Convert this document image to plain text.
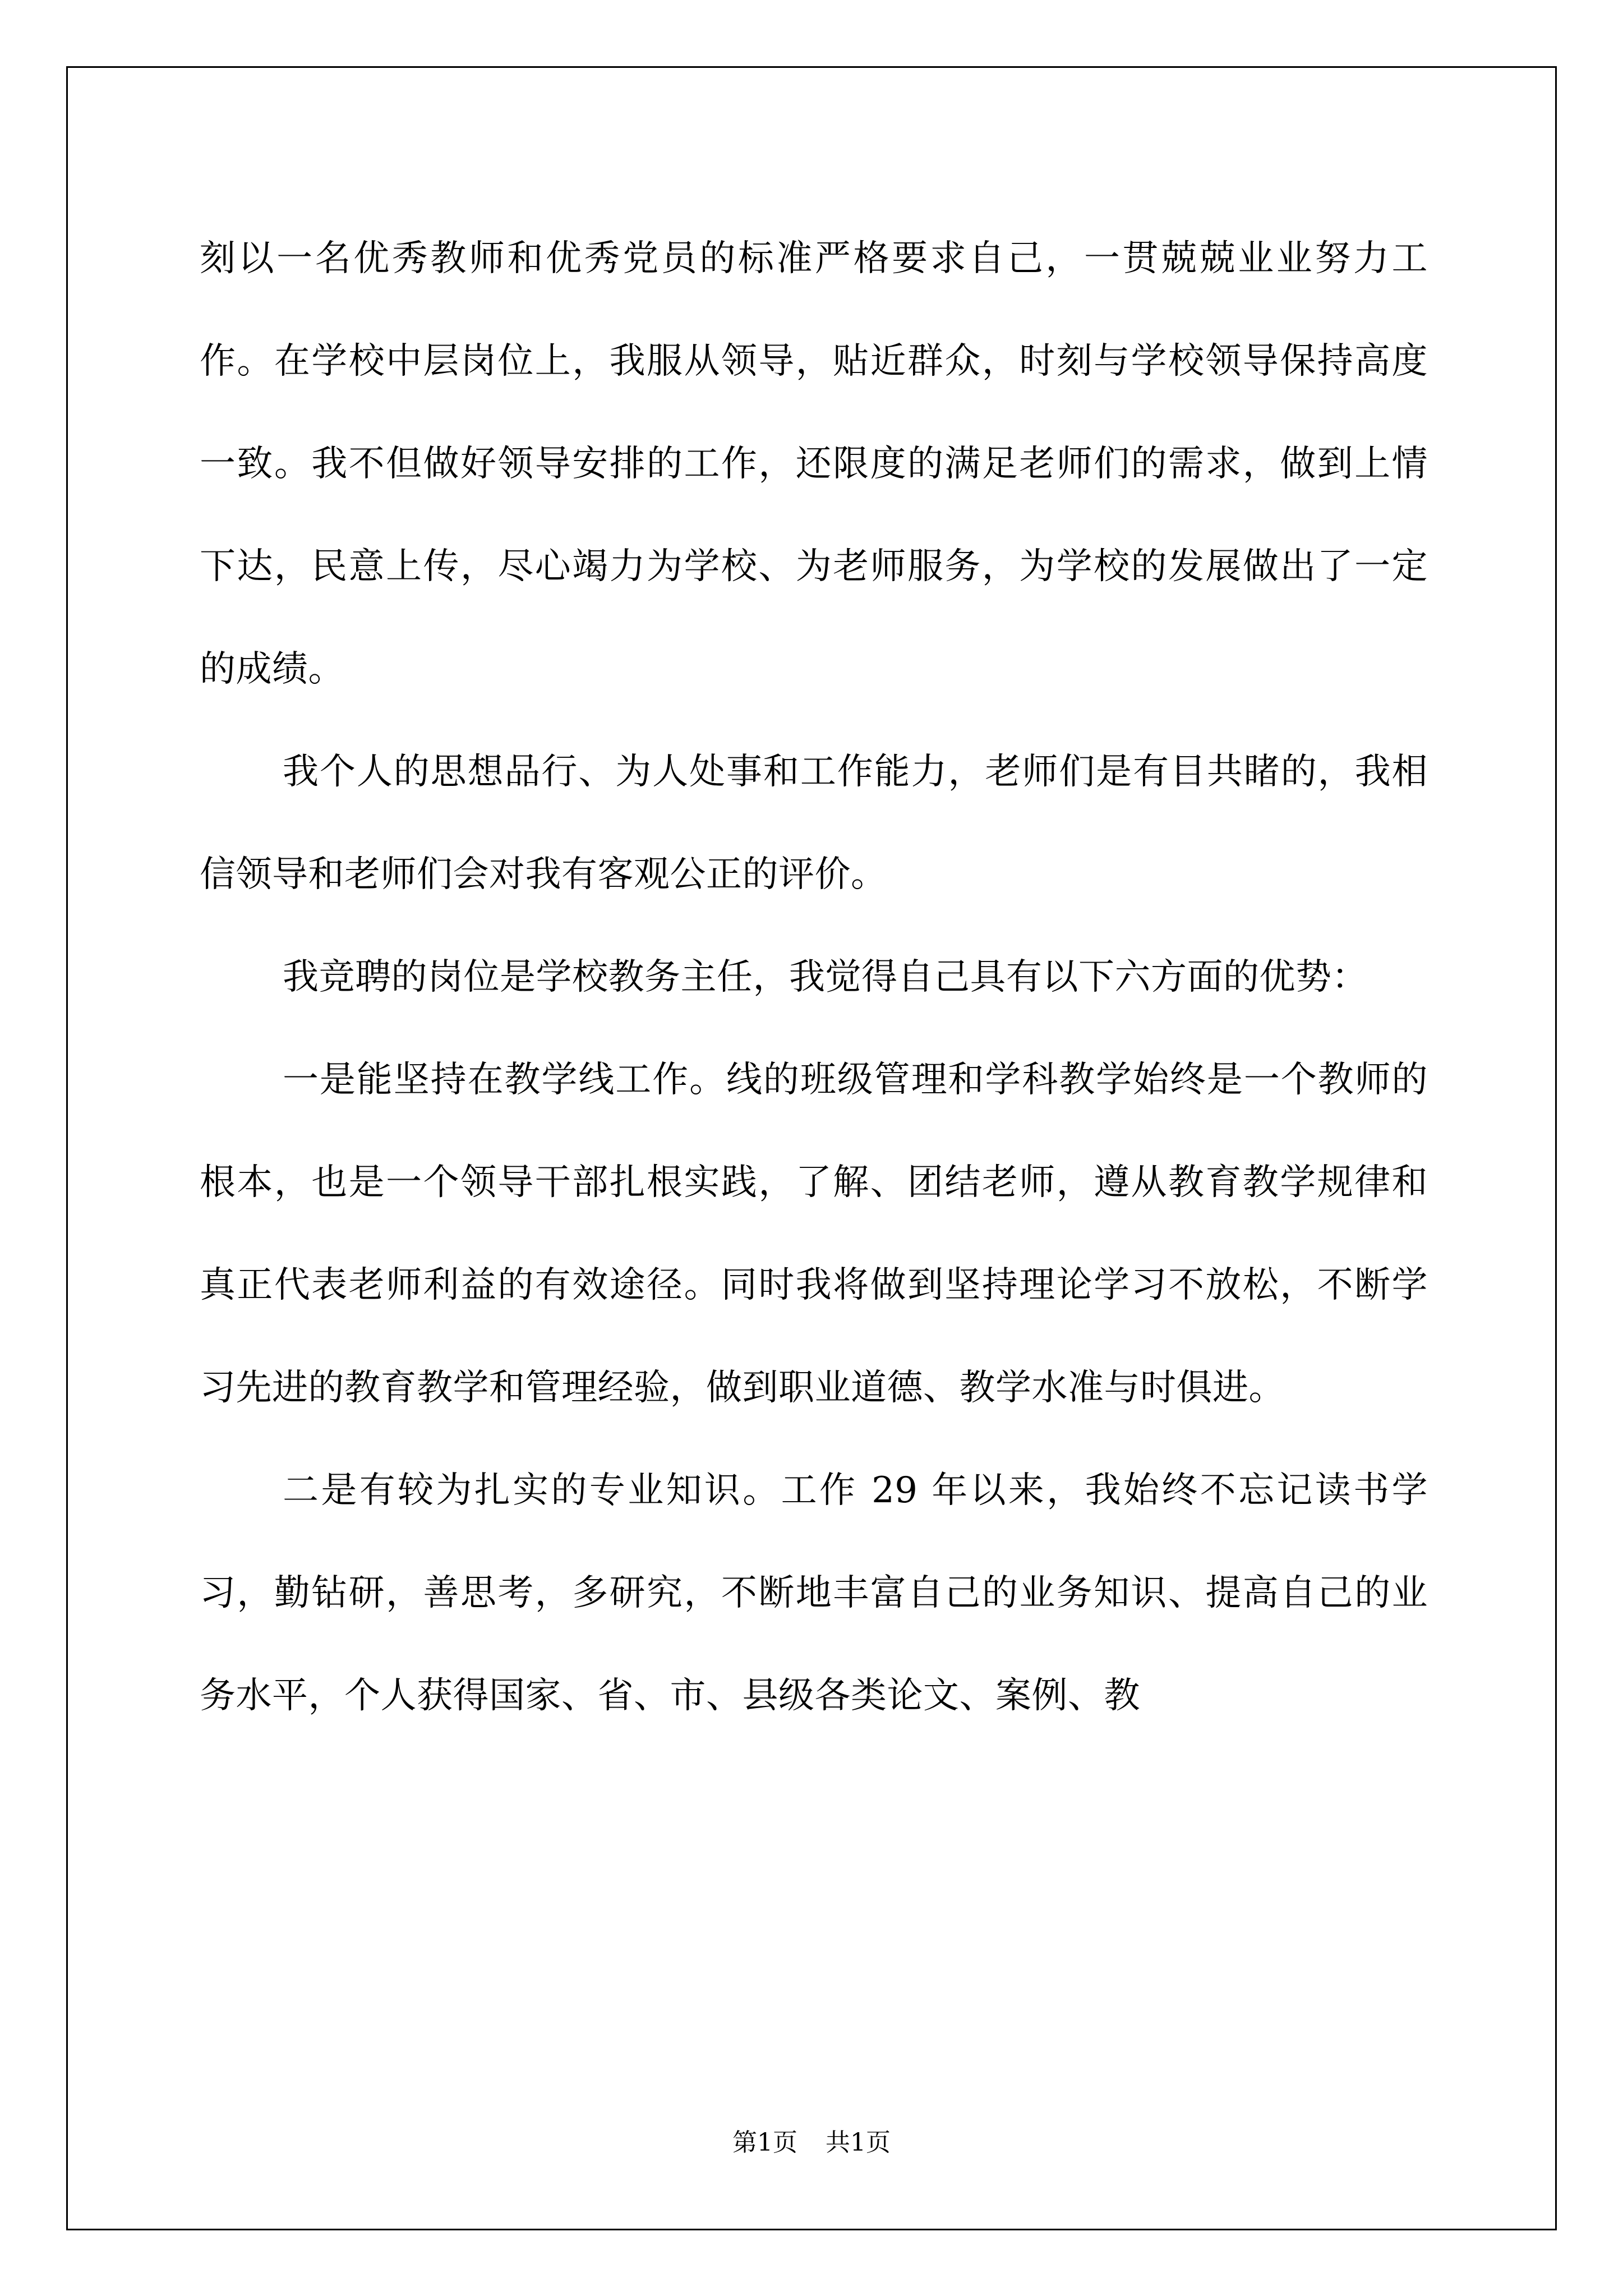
刻以一名优秀教师和优秀党员的标准严格要求自己，一贯兢兢业业努力工作。在学校中层岗位上，我服从领导，贴近群众，时刻与学校领导保持高度一致。我不但做好领导安排的工作，还限度的满足老师们的需求，做到上情下达，民意上传，尽心竭力为学校、为老师服务，为学校的发展做出了一定的成绩。

我个人的思想品行、为人处事和工作能力，老师们是有目共睹的，我相信领导和老师们会对我有客观公正的评价。

我竞聘的岗位是学校教务主任，我觉得自己具有以下六方面的优势：

一是能坚持在教学线工作。线的班级管理和学科教学始终是一个教师的根本，也是一个领导干部扎根实践，了解、团结老师，遵从教育教学规律和真正代表老师利益的有效途径。同时我将做到坚持理论学习不放松，不断学习先进的教育教学和管理经验，做到职业道德、教学水准与时俱进。

二是有较为扎实的专业知识。工作 29 年以来，我始终不忘记读书学习，勤钻研，善思考，多研究，不断地丰富自己的业务知识、提高自己的业务水平，个人获得国家、省、市、县级各类论文、案例、教

第1页 共1页
